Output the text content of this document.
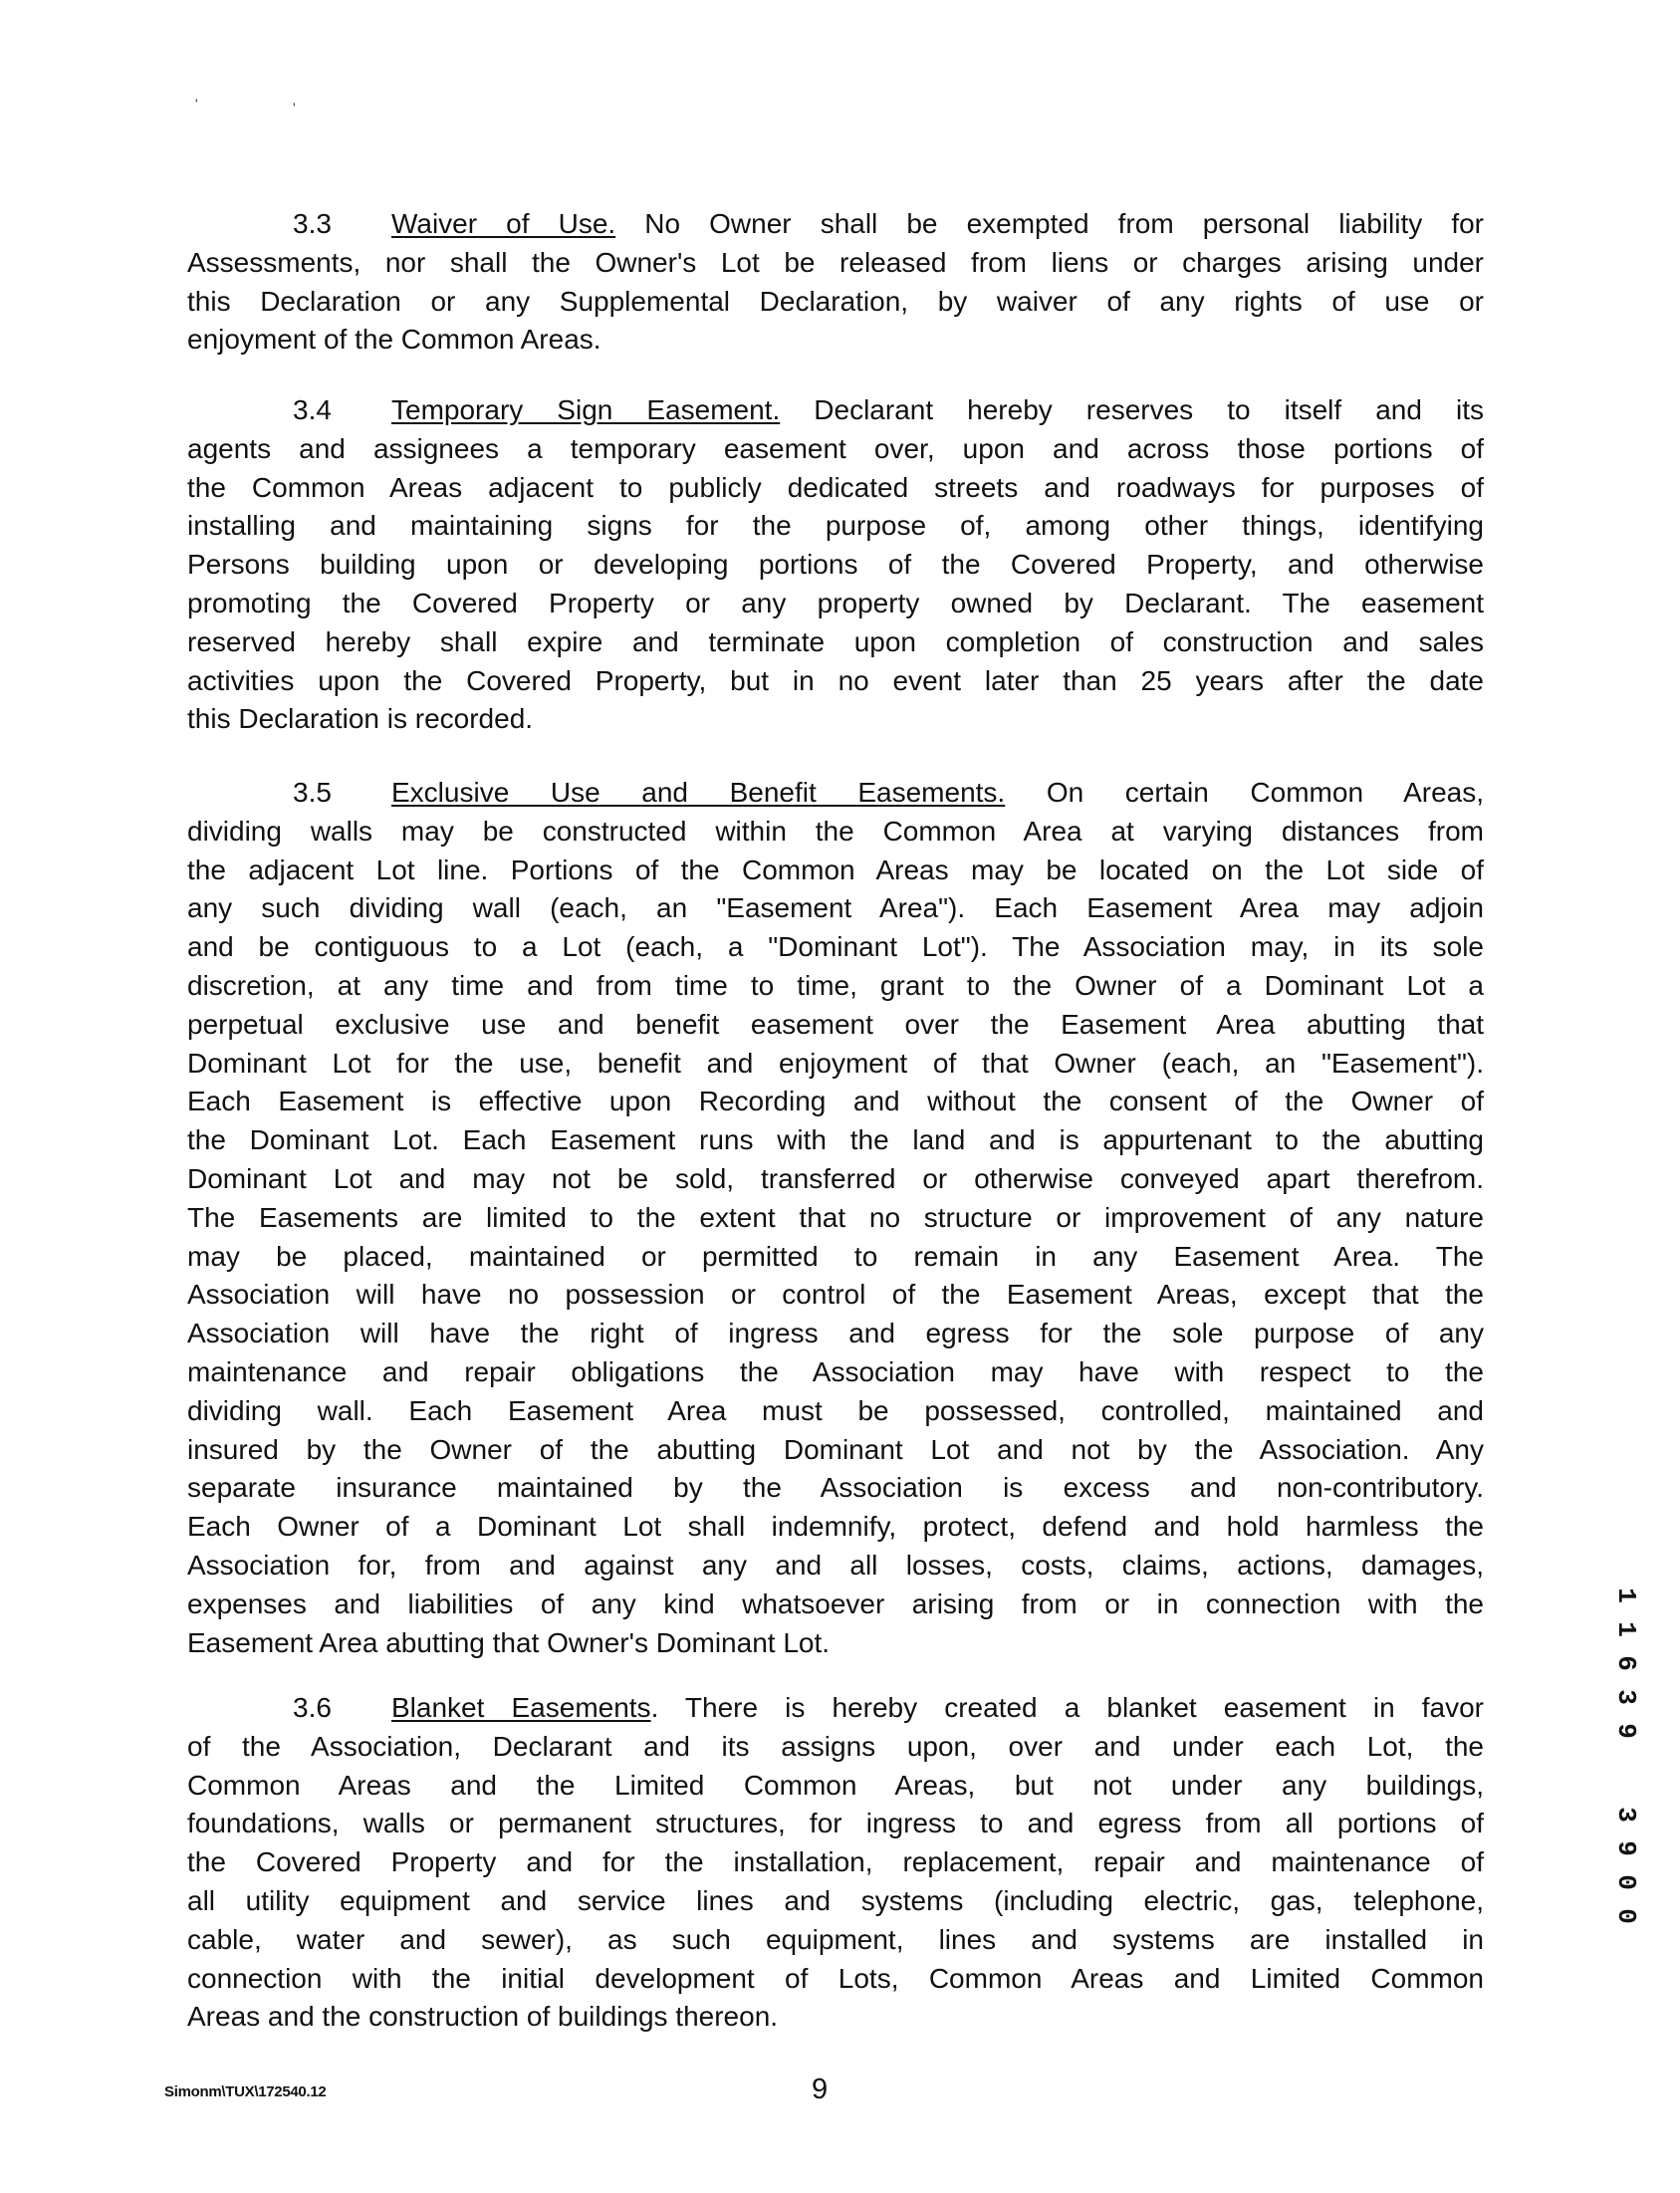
'	'
3.3 Waiver of Use. No Owner shall be exempted from personal liability for
Assessments, nor shall the Owner's Lot be released from liens or charges arising under
this Declaration or any Supplemental Declaration, by waiver of any rights of use or
enjoyment of the Common Areas.
3.4 Temporary Sign Easement. Declarant hereby reserves to itself and its
agents and assignees a temporary easement over, upon and across those portions of
the Common Areas adjacent to publicly dedicated streets and roadways for purposes of
installing and maintaining signs for the purpose of, among other things, identifying
Persons building upon or developing portions of the Covered Property, and otherwise
promoting the Covered Property or any property owned by Declarant. The easement
reserved hereby shall expire and terminate upon completion of construction and sales
activities upon the Covered Property, but in no event later than 25 years after the date
this Declaration is recorded.
3.5 Exclusive Use and Benefit Easements. On certain Common Areas,
dividing walls may be constructed within the Common Area at varying distances from
the adjacent Lot line. Portions of the Common Areas may be located on the Lot side of
any such dividing wall (each, an "Easement Area"). Each Easement Area may adjoin
and be contiguous to a Lot (each, a "Dominant Lot"). The Association may, in its sole
discretion, at any time and from time to time, grant to the Owner of a Dominant Lot a
perpetual exclusive use and benefit easement over the Easement Area abutting that
Dominant Lot for the use, benefit and enjoyment of that Owner (each, an "Easement").
Each Easement is effective upon Recording and without the consent of the Owner of
the Dominant Lot. Each Easement runs with the land and is appurtenant to the abutting
Dominant Lot and may not be sold, transferred or otherwise conveyed apart therefrom.
The Easements are limited to the extent that no structure or improvement of any nature
may be placed, maintained or permitted to remain in any Easement Area. The
Association will have no possession or control of the Easement Areas, except that the
Association will have the right of ingress and egress for the sole purpose of any
maintenance and repair obligations the Association may have with respect to the
dividing wall. Each Easement Area must be possessed, controlled, maintained and
insured by the Owner of the abutting Dominant Lot and not by the Association. Any
separate insurance maintained by the Association is excess and non-contributory.
Each Owner of a Dominant Lot shall indemnify, protect, defend and hold harmless the
Association for, from and against any and all losses, costs, claims, actions, damages,
expenses and liabilities of any kind whatsoever arising from or in connection with the
Easement Area abutting that Owner's Dominant Lot.
3.6 Blanket Easements. There is hereby created a blanket easement in favor
of the Association, Declarant and its assigns upon, over and under each Lot, the
Common Areas and the Limited Common Areas, but not under any buildings,
foundations, walls or permanent structures, for ingress to and egress from all portions of
the Covered Property and for the installation, replacement, repair and maintenance of
all utility equipment and service lines and systems (including electric, gas, telephone,
cable, water and sewer), as such equipment, lines and systems are installed in
connection with the initial development of Lots, Common Areas and Limited Common
Areas and the construction of buildings thereon.
Simonm\TUX\172540.12	9
1
1
6
3
9
3
9
0
0
